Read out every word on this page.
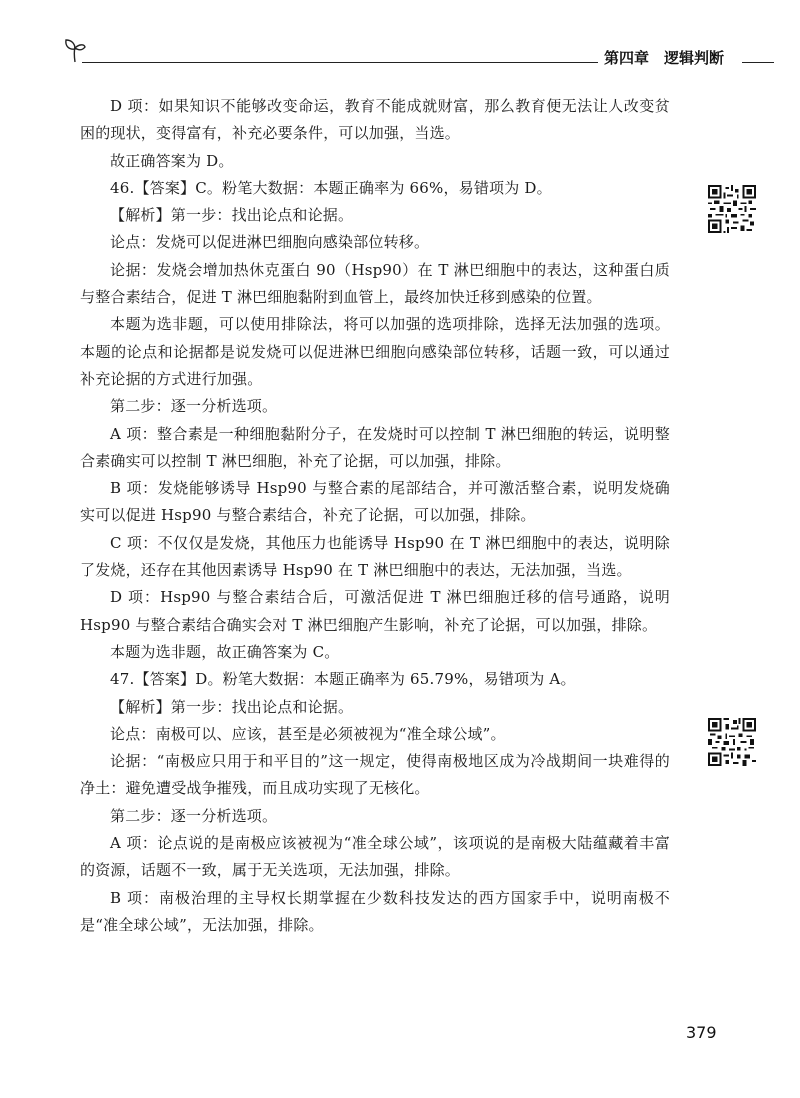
第四章　逻辑判断

D 项：如果知识不能够改变命运，教育不能成就财富，那么教育便无法让人改变贫困的现状，变得富有，补充必要条件，可以加强，当选。

故正确答案为 D。

46.【答案】C。粉笔大数据：本题正确率为 66%，易错项为 D。

【解析】第一步：找出论点和论据。

论点：发烧可以促进淋巴细胞向感染部位转移。

论据：发烧会增加热休克蛋白 90（Hsp90）在 T 淋巴细胞中的表达，这种蛋白质与整合素结合，促进 T 淋巴细胞黏附到血管上，最终加快迁移到感染的位置。

本题为选非题，可以使用排除法，将可以加强的选项排除，选择无法加强的选项。本题的论点和论据都是说发烧可以促进淋巴细胞向感染部位转移，话题一致，可以通过补充论据的方式进行加强。

第二步：逐一分析选项。

A 项：整合素是一种细胞黏附分子，在发烧时可以控制 T 淋巴细胞的转运，说明整合素确实可以控制 T 淋巴细胞，补充了论据，可以加强，排除。

B 项：发烧能够诱导 Hsp90 与整合素的尾部结合，并可激活整合素，说明发烧确实可以促进 Hsp90 与整合素结合，补充了论据，可以加强，排除。

C 项：不仅仅是发烧，其他压力也能诱导 Hsp90 在 T 淋巴细胞中的表达，说明除了发烧，还存在其他因素诱导 Hsp90 在 T 淋巴细胞中的表达，无法加强，当选。

D 项：Hsp90 与整合素结合后，可激活促进 T 淋巴细胞迁移的信号通路，说明 Hsp90 与整合素结合确实会对 T 淋巴细胞产生影响，补充了论据，可以加强，排除。

本题为选非题，故正确答案为 C。

47.【答案】D。粉笔大数据：本题正确率为 65.79%，易错项为 A。

【解析】第一步：找出论点和论据。

论点：南极可以、应该，甚至是必须被视为“准全球公域”。

论据：“南极应只用于和平目的”这一规定，使得南极地区成为冷战期间一块难得的净土：避免遭受战争摧残，而且成功实现了无核化。

第二步：逐一分析选项。

A 项：论点说的是南极应该被视为“准全球公域”，该项说的是南极大陆蕴藏着丰富的资源，话题不一致，属于无关选项，无法加强，排除。

B 项：南极治理的主导权长期掌握在少数科技发达的西方国家手中，说明南极不是“准全球公域”，无法加强，排除。

379
